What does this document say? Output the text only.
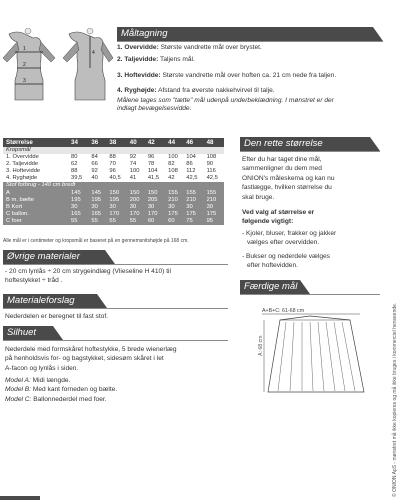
1
2
3
4
Måltagning
1. Overvidde: Største vandrette mål over brystet.
2. Taljevidde: Taljens mål.
3. Hoftevidde: Største vandrette mål over hoften ca. 21 cm nede fra taljen.
4. Ryghøjde: Afstand fra øverste nakkehvirvel til talje.
Målene tages som "tætte" mål udenpå underbeklædning. I mønstret er der
indlagt bevægelsesvidde.
Størrelse	34	36	38	40	42	44	46	48
Kropsmål								
1. Overvidde	80	84	88	92	96	100	104	108
2. Taljevidde	62	66	70	74	78	82	86	90
3. Hoftevidde	88	92	96	100	104	108	112	116
4. Ryghøjde	39,5	40	40,5	41	41,5	42	42,5	42,5
Stof forbrug - 140 cm bredt								
A	145	145	150	150	150	155	155	155
B m. bælte	195	195	195	200	205	210	210	210
B Kort	30	30	30	30	30	30	30	30
C ballon.	165	165	170	170	170	175	175	175
C foer	55	55	55	55	60	60	75	95
Alle mål er i centimeter og kropsmål er baseret på en gennemsnitshøjde på 168 cm.
Øvrige materialer
- 20 cm lynlås ÷ 20 cm strygeindlæg (Vlieseline H 410) til
hoftestykket ÷ tråd .
Materialeforslag
Nederdelen er beregnet til fast stof.
Silhuet
Nederdele med formskåret hoftestykke, 5 brede wienerlæg
på henholdsvis for- og bagstykket, sidesøm skåret i let
A-facon og lynlås i siden.
Model A: Midi længde.
Model B: Med kant forneden og bælte.
Model C: Ballonnederdel med foer.
Den rette størrelse
Efter du har taget dine mål,
sammenligner du dem med
ONION's måleskema og kan nu
fastlægge, hvilken størrelse du
skal bruge.
Ved valg af størrelse er
følgende vigtigt:
- Kjoler, bluser, frakker og jakker
vælges efter overvidden.
- Bukser og nederdele vælges
efter hoftevidden.
Færdige mål
A+B+C: 61-68 cm
A: 68 cm	© ONION ApS - mønstret må ikke kopieres og må ikke bruges i kommerciel henseende.
